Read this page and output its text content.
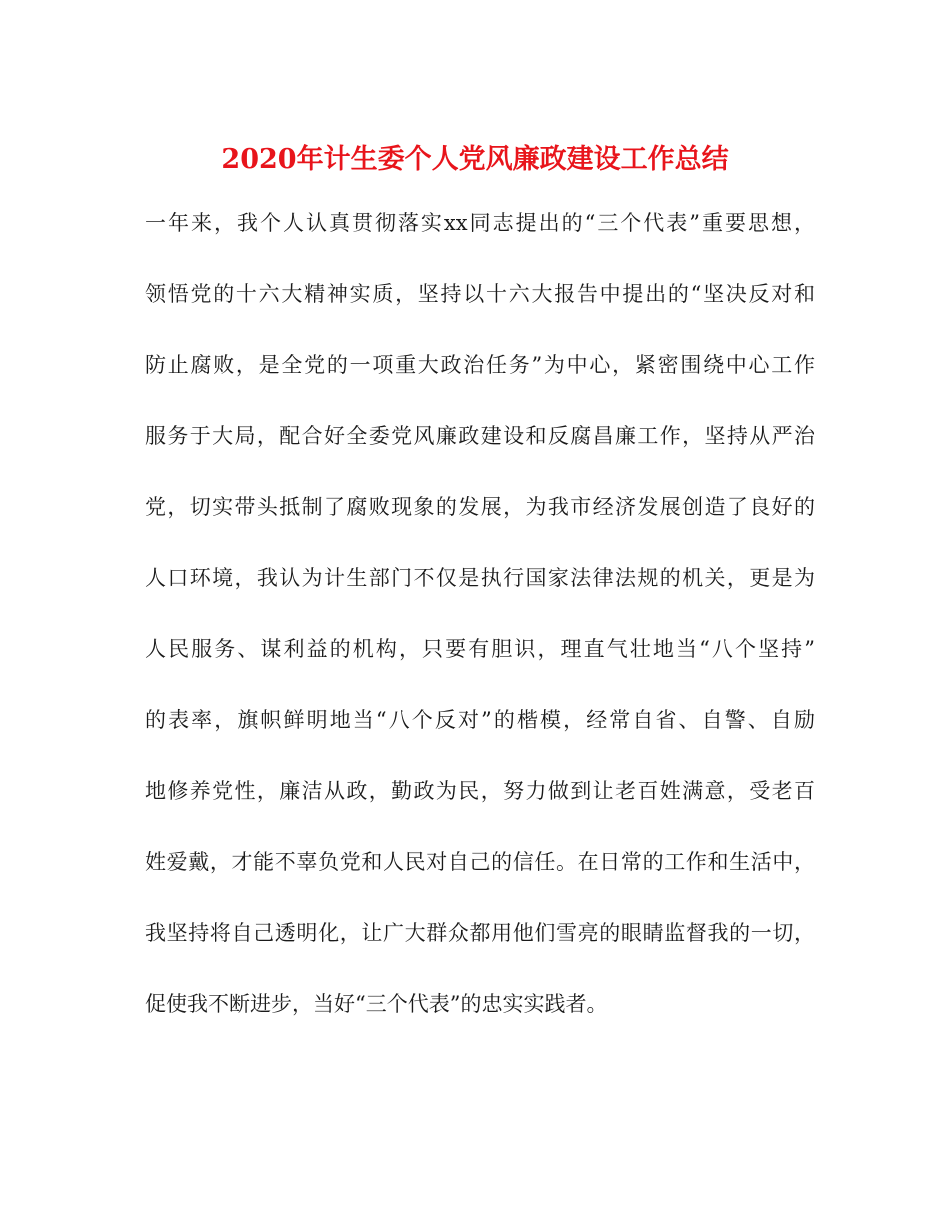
2020年计生委个人党风廉政建设工作总结
一年来，我个人认真贯彻落实xx同志提出的“三个代表”重要思想，
领悟党的十六大精神实质，坚持以十六大报告中提出的“坚决反对和
防止腐败，是全党的一项重大政治任务”为中心，紧密围绕中心工作
服务于大局，配合好全委党风廉政建设和反腐昌廉工作，坚持从严治
党，切实带头抵制了腐败现象的发展，为我市经济发展创造了良好的
人口环境，我认为计生部门不仅是执行国家法律法规的机关，更是为
人民服务、谋利益的机构，只要有胆识，理直气壮地当“八个坚持”
的表率，旗帜鲜明地当“八个反对”的楷模，经常自省、自警、自励
地修养党性，廉洁从政，勤政为民，努力做到让老百姓满意，受老百
姓爱戴，才能不辜负党和人民对自己的信任。在日常的工作和生活中，
我坚持将自己透明化，让广大群众都用他们雪亮的眼睛监督我的一切，
促使我不断进步，当好“三个代表”的忠实实践者。
